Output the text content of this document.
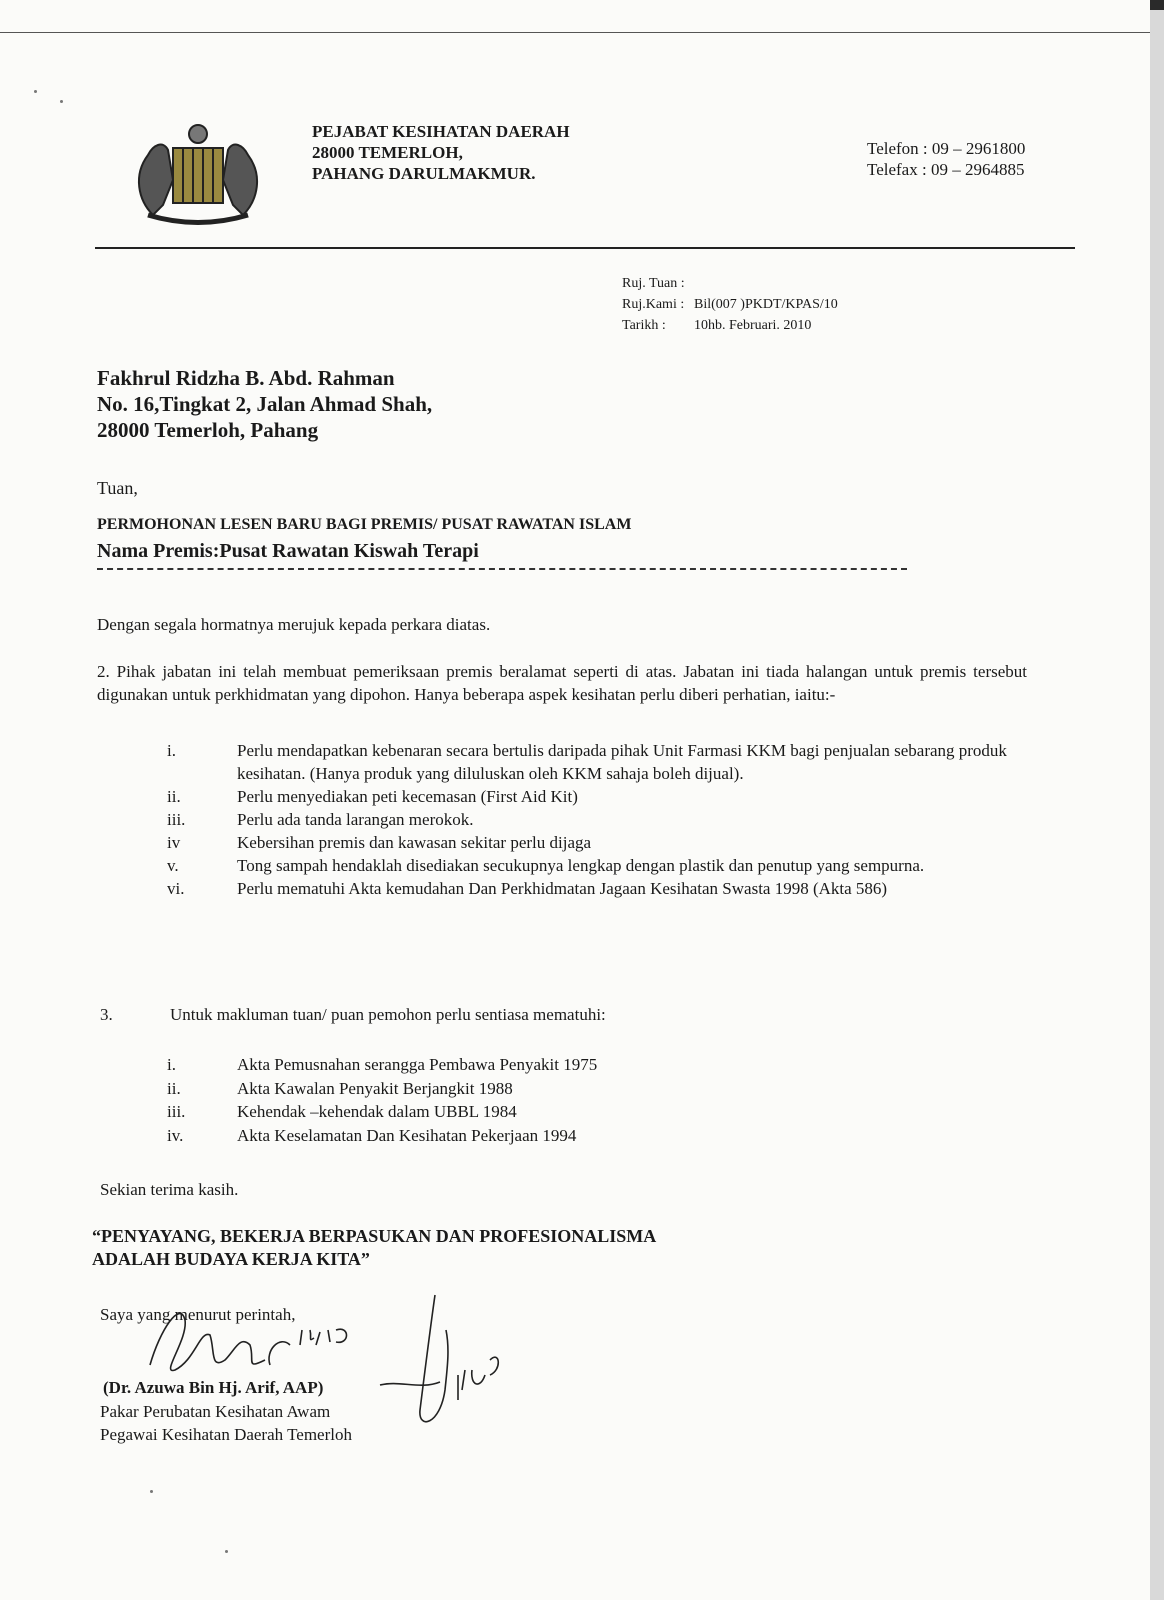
PEJABAT KESIHATAN DAERAH
28000 TEMERLOH,
PAHANG DARULMAKMUR.
Telefon : 09 – 2961800
Telefax : 09 – 2964885
Ruj. Tuan :
Ruj.Kami : Bil(007 )PKDT/KPAS/10
Tarikh : 10hb. Februari. 2010
Fakhrul Ridzha B. Abd. Rahman
No. 16,Tingkat 2, Jalan Ahmad Shah,
28000 Temerloh, Pahang
Tuan,
PERMOHONAN LESEN BARU BAGI PREMIS/ PUSAT RAWATAN ISLAM
Nama Premis:Pusat Rawatan Kiswah Terapi
Dengan segala hormatnya merujuk kepada perkara diatas.
2. Pihak jabatan ini telah membuat pemeriksaan premis beralamat seperti di atas. Jabatan ini tiada halangan untuk premis tersebut digunakan untuk perkhidmatan yang dipohon. Hanya beberapa aspek kesihatan perlu diberi perhatian, iaitu:-
i.	Perlu mendapatkan kebenaran secara bertulis daripada pihak Unit Farmasi KKM bagi penjualan sebarang produk kesihatan. (Hanya produk yang diluluskan oleh KKM sahaja boleh dijual).
ii.	Perlu menyediakan peti kecemasan (First Aid Kit)
iii.	Perlu ada tanda larangan merokok.
iv	Kebersihan premis dan kawasan sekitar perlu dijaga
v.	Tong sampah hendaklah disediakan secukupnya lengkap dengan plastik dan penutup yang sempurna.
vi.	Perlu mematuhi Akta kemudahan Dan Perkhidmatan Jagaan Kesihatan Swasta 1998 (Akta 586)
3.	Untuk makluman tuan/ puan pemohon perlu sentiasa mematuhi:
i.	Akta Pemusnahan serangga Pembawa Penyakit 1975
ii.	Akta Kawalan Penyakit Berjangkit 1988
iii.	Kehendak –kehendak dalam UBBL 1984
iv.	Akta Keselamatan Dan Kesihatan Pekerjaan 1994
Sekian terima kasih.
“PENYAYANG, BEKERJA BERPASUKAN DAN PROFESIONALISMA
ADALAH BUDAYA KERJA KITA”
Saya yang menurut perintah,
(Dr. Azuwa Bin Hj. Arif, AAP)
Pakar Perubatan Kesihatan Awam
Pegawai Kesihatan Daerah Temerloh
